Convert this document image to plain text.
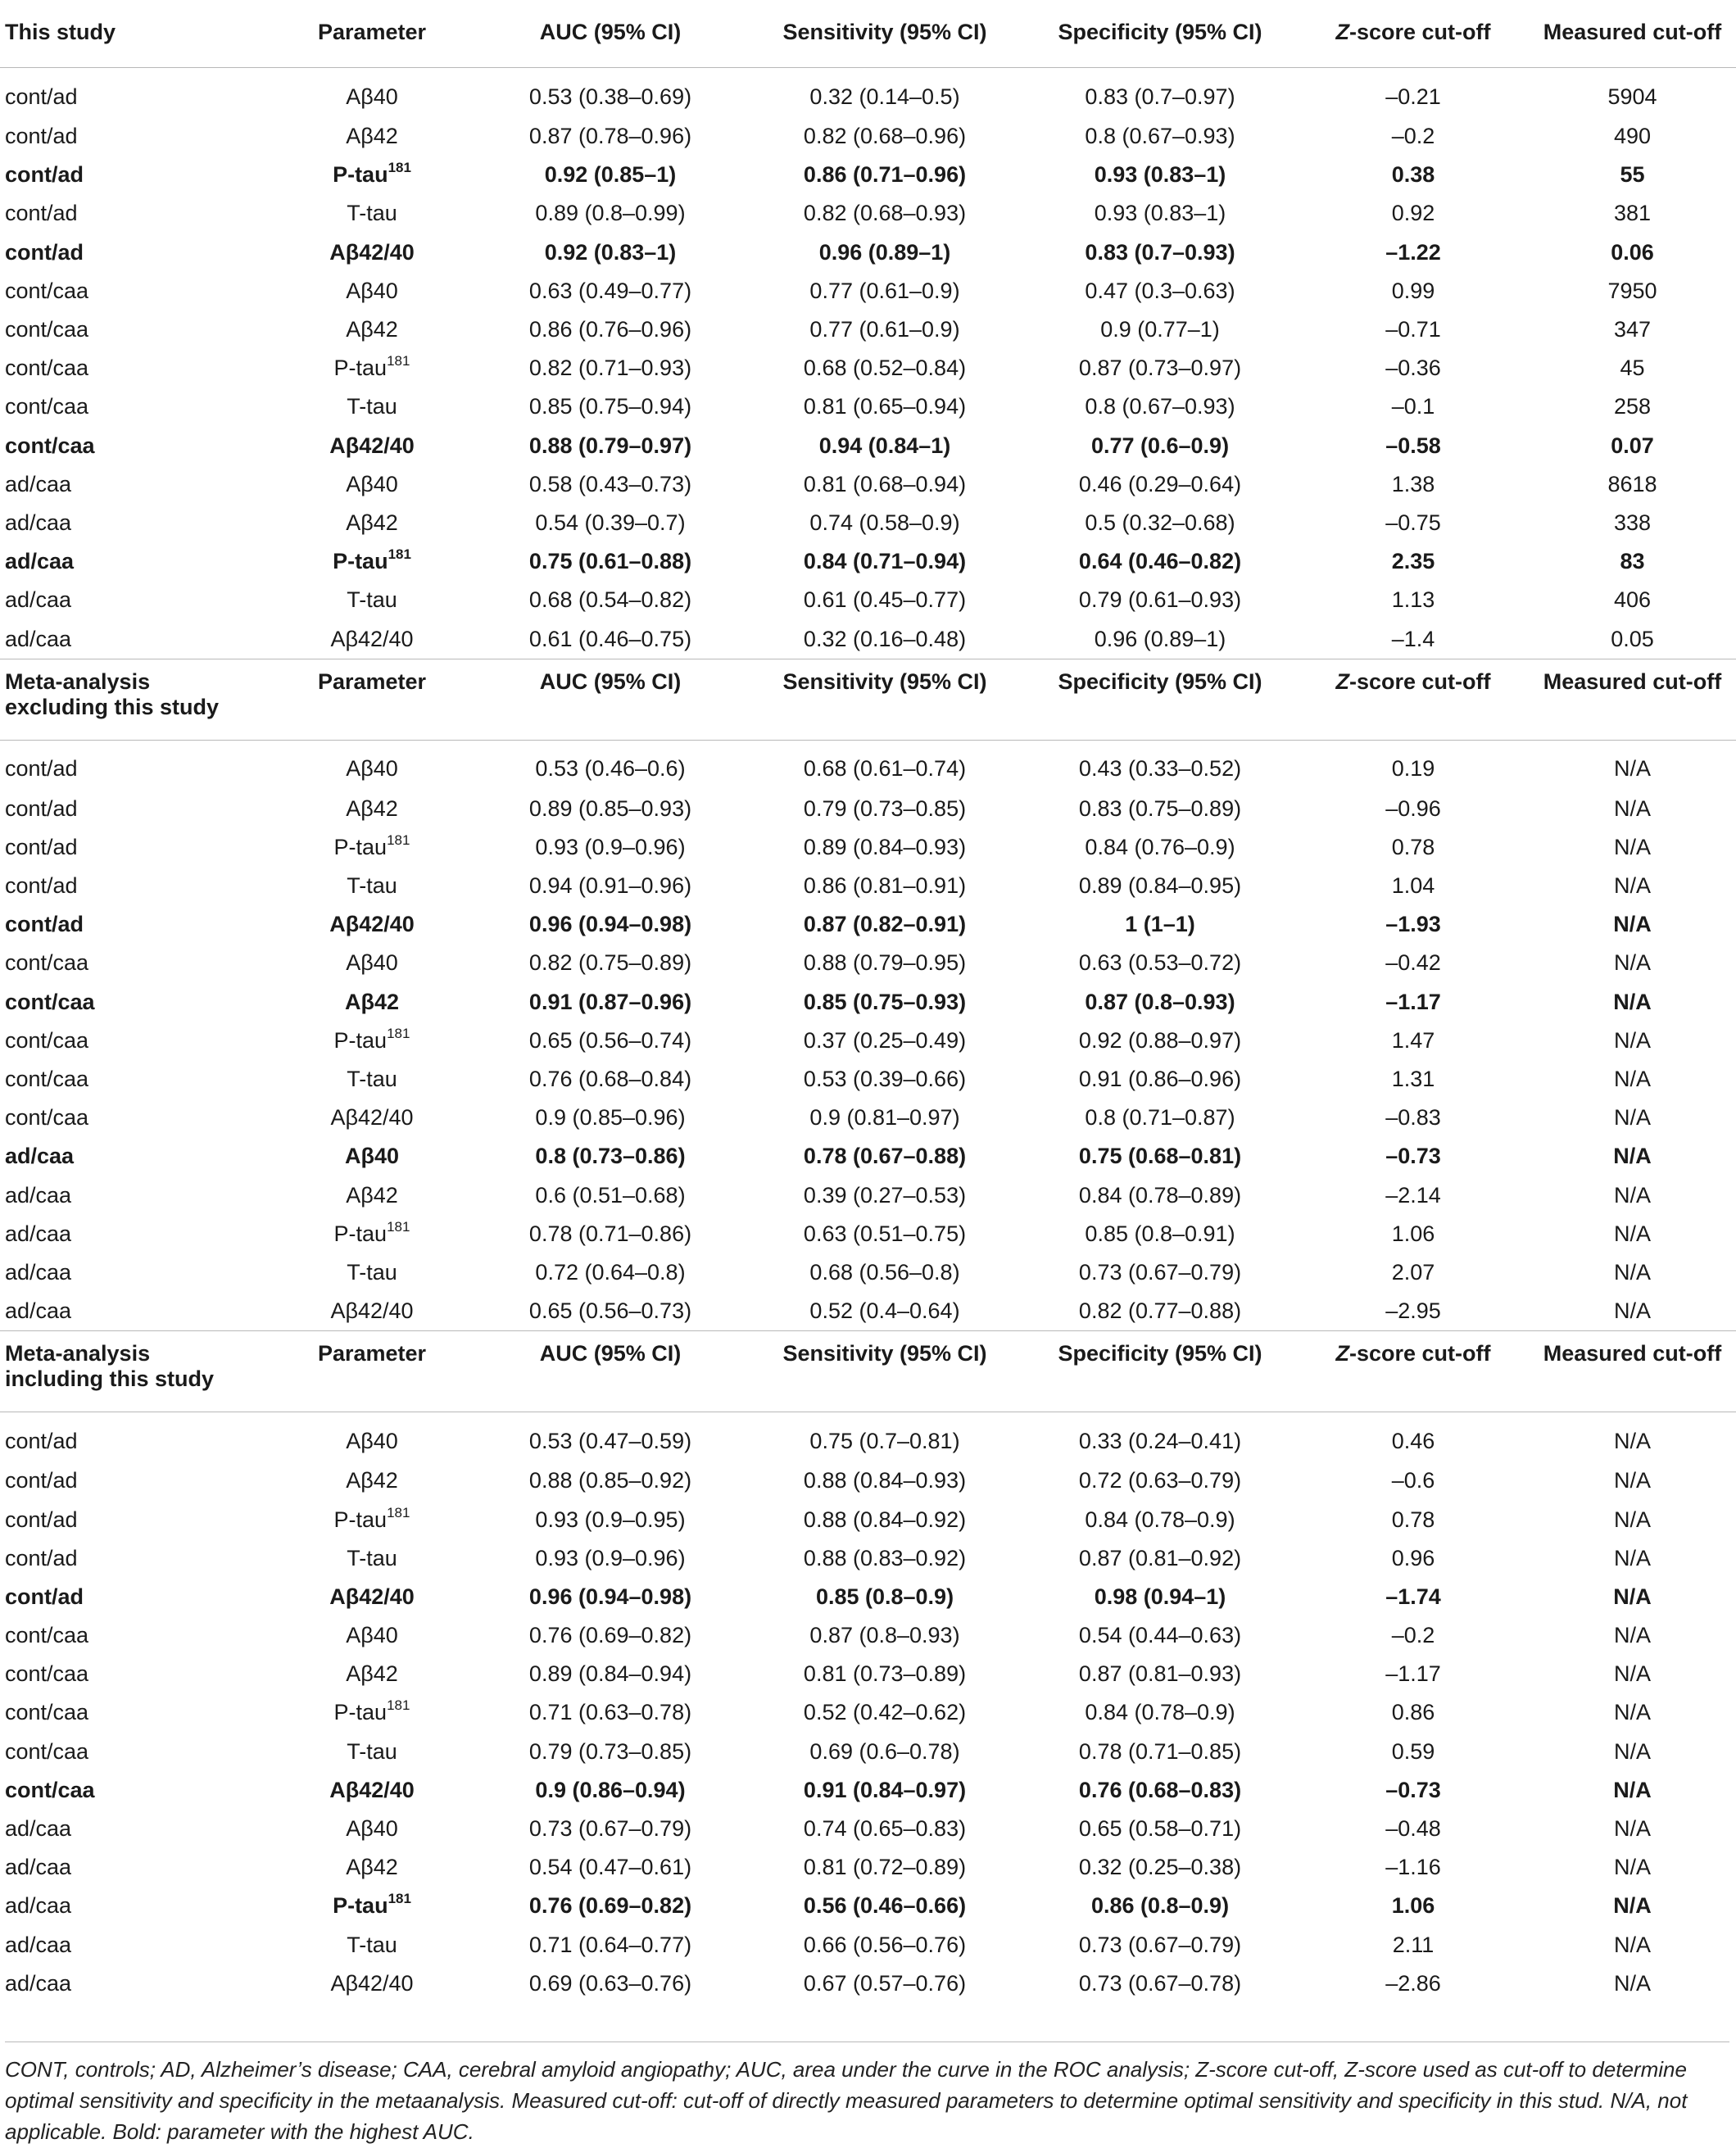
This study	Parameter	AUC (95% CI)	Sensitivity (95% CI)	Specificity (95% CI)	Z-score cut-off	Measured cut-off
cont/ad	Aβ40	0.53 (0.38–0.69)	0.32 (0.14–0.5)	0.83 (0.7–0.97)	–0.21	5904
cont/ad	Aβ42	0.87 (0.78–0.96)	0.82 (0.68–0.96)	0.8 (0.67–0.93)	–0.2	490
cont/ad	P-tau$^{181}$	0.92 (0.85–1)	0.86 (0.71–0.96)	0.93 (0.83–1)	0.38	55
cont/ad	T-tau	0.89 (0.8–0.99)	0.82 (0.68–0.93)	0.93 (0.83–1)	0.92	381
cont/ad	Aβ42/40	0.92 (0.83–1)	0.96 (0.89–1)	0.83 (0.7–0.93)	–1.22	0.06
cont/caa	Aβ40	0.63 (0.49–0.77)	0.77 (0.61–0.9)	0.47 (0.3–0.63)	0.99	7950
cont/caa	Aβ42	0.86 (0.76–0.96)	0.77 (0.61–0.9)	0.9 (0.77–1)	–0.71	347
cont/caa	P-tau$^{181}$	0.82 (0.71–0.93)	0.68 (0.52–0.84)	0.87 (0.73–0.97)	–0.36	45
cont/caa	T-tau	0.85 (0.75–0.94)	0.81 (0.65–0.94)	0.8 (0.67–0.93)	–0.1	258
cont/caa	Aβ42/40	0.88 (0.79–0.97)	0.94 (0.84–1)	0.77 (0.6–0.9)	–0.58	0.07
ad/caa	Aβ40	0.58 (0.43–0.73)	0.81 (0.68–0.94)	0.46 (0.29–0.64)	1.38	8618
ad/caa	Aβ42	0.54 (0.39–0.7)	0.74 (0.58–0.9)	0.5 (0.32–0.68)	–0.75	338
ad/caa	P-tau$^{181}$	0.75 (0.61–0.88)	0.84 (0.71–0.94)	0.64 (0.46–0.82)	2.35	83
ad/caa	T-tau	0.68 (0.54–0.82)	0.61 (0.45–0.77)	0.79 (0.61–0.93)	1.13	406
ad/caa	Aβ42/40	0.61 (0.46–0.75)	0.32 (0.16–0.48)	0.96 (0.89–1)	–1.4	0.05

Meta-analysis
excluding this study	Parameter	AUC (95% CI)	Sensitivity (95% CI)	Specificity (95% CI)	Z-score cut-off	Measured cut-off
cont/ad	Aβ40	0.53 (0.46–0.6)	0.68 (0.61–0.74)	0.43 (0.33–0.52)	0.19	N/A
cont/ad	Aβ42	0.89 (0.85–0.93)	0.79 (0.73–0.85)	0.83 (0.75–0.89)	–0.96	N/A
cont/ad	P-tau$^{181}$	0.93 (0.9–0.96)	0.89 (0.84–0.93)	0.84 (0.76–0.9)	0.78	N/A
cont/ad	T-tau	0.94 (0.91–0.96)	0.86 (0.81–0.91)	0.89 (0.84–0.95)	1.04	N/A
cont/ad	Aβ42/40	0.96 (0.94–0.98)	0.87 (0.82–0.91)	1 (1–1)	–1.93	N/A
cont/caa	Aβ40	0.82 (0.75–0.89)	0.88 (0.79–0.95)	0.63 (0.53–0.72)	–0.42	N/A
cont/caa	Aβ42	0.91 (0.87–0.96)	0.85 (0.75–0.93)	0.87 (0.8–0.93)	–1.17	N/A
cont/caa	P-tau$^{181}$	0.65 (0.56–0.74)	0.37 (0.25–0.49)	0.92 (0.88–0.97)	1.47	N/A
cont/caa	T-tau	0.76 (0.68–0.84)	0.53 (0.39–0.66)	0.91 (0.86–0.96)	1.31	N/A
cont/caa	Aβ42/40	0.9 (0.85–0.96)	0.9 (0.81–0.97)	0.8 (0.71–0.87)	–0.83	N/A
ad/caa	Aβ40	0.8 (0.73–0.86)	0.78 (0.67–0.88)	0.75 (0.68–0.81)	–0.73	N/A
ad/caa	Aβ42	0.6 (0.51–0.68)	0.39 (0.27–0.53)	0.84 (0.78–0.89)	–2.14	N/A
ad/caa	P-tau$^{181}$	0.78 (0.71–0.86)	0.63 (0.51–0.75)	0.85 (0.8–0.91)	1.06	N/A
ad/caa	T-tau	0.72 (0.64–0.8)	0.68 (0.56–0.8)	0.73 (0.67–0.79)	2.07	N/A
ad/caa	Aβ42/40	0.65 (0.56–0.73)	0.52 (0.4–0.64)	0.82 (0.77–0.88)	–2.95	N/A

Meta-analysis
including this study	Parameter	AUC (95% CI)	Sensitivity (95% CI)	Specificity (95% CI)	Z-score cut-off	Measured cut-off
cont/ad	Aβ40	0.53 (0.47–0.59)	0.75 (0.7–0.81)	0.33 (0.24–0.41)	0.46	N/A
cont/ad	Aβ42	0.88 (0.85–0.92)	0.88 (0.84–0.93)	0.72 (0.63–0.79)	–0.6	N/A
cont/ad	P-tau$^{181}$	0.93 (0.9–0.95)	0.88 (0.84–0.92)	0.84 (0.78–0.9)	0.78	N/A
cont/ad	T-tau	0.93 (0.9–0.96)	0.88 (0.83–0.92)	0.87 (0.81–0.92)	0.96	N/A
cont/ad	Aβ42/40	0.96 (0.94–0.98)	0.85 (0.8–0.9)	0.98 (0.94–1)	–1.74	N/A
cont/caa	Aβ40	0.76 (0.69–0.82)	0.87 (0.8–0.93)	0.54 (0.44–0.63)	–0.2	N/A
cont/caa	Aβ42	0.89 (0.84–0.94)	0.81 (0.73–0.89)	0.87 (0.81–0.93)	–1.17	N/A
cont/caa	P-tau$^{181}$	0.71 (0.63–0.78)	0.52 (0.42–0.62)	0.84 (0.78–0.9)	0.86	N/A
cont/caa	T-tau	0.79 (0.73–0.85)	0.69 (0.6–0.78)	0.78 (0.71–0.85)	0.59	N/A
cont/caa	Aβ42/40	0.9 (0.86–0.94)	0.91 (0.84–0.97)	0.76 (0.68–0.83)	–0.73	N/A
ad/caa	Aβ40	0.73 (0.67–0.79)	0.74 (0.65–0.83)	0.65 (0.58–0.71)	–0.48	N/A
ad/caa	Aβ42	0.54 (0.47–0.61)	0.81 (0.72–0.89)	0.32 (0.25–0.38)	–1.16	N/A
ad/caa	P-tau$^{181}$	0.76 (0.69–0.82)	0.56 (0.46–0.66)	0.86 (0.8–0.9)	1.06	N/A
ad/caa	T-tau	0.71 (0.64–0.77)	0.66 (0.56–0.76)	0.73 (0.67–0.79)	2.11	N/A
ad/caa	Aβ42/40	0.69 (0.63–0.76)	0.67 (0.57–0.76)	0.73 (0.67–0.78)	–2.86	N/A
CONT, controls; AD, Alzheimer’s disease; CAA, cerebral amyloid angiopathy; AUC, area under the curve in the ROC analysis; Z-score cut-off, Z-score used as cut-off to determine optimal sensitivity and specificity in the metaanalysis. Measured cut-off: cut-off of directly measured parameters to determine optimal sensitivity and specificity in this stud. N/A, not applicable. Bold: parameter with the highest AUC.
